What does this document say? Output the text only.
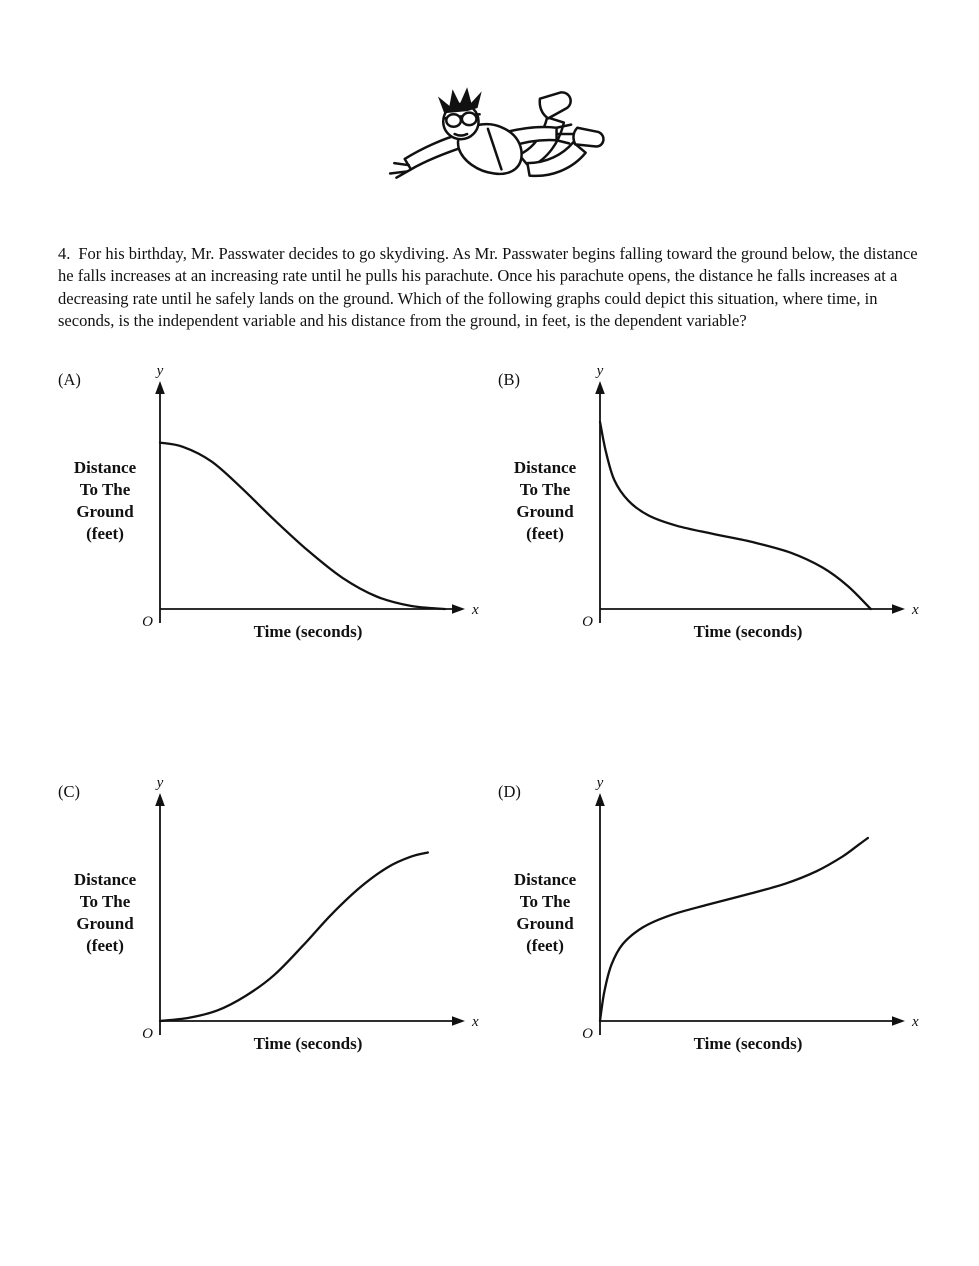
4. For his birthday, Mr. Passwater decides to go skydiving. As Mr. Passwater begins falling toward the ground below, the distance he falls increases at an increasing rate until he pulls his parachute. Once his parachute opens, the distance he falls increases at a decreasing rate until he safely lands on the ground. Which of the following graphs could depict this situation, where time, in seconds, is the independent variable and his distance from the ground, in feet, is the dependent variable?

(A)	y
x
O
Distance
To The
Ground
(feet)
Time (seconds)
(B)	y
x
O
Distance
To The
Ground
(feet)
Time (seconds)
(C)	y
x
O
Distance
To The
Ground
(feet)
Time (seconds)
(D)	y
x
O
Distance
To The
Ground
(feet)
Time (seconds)
